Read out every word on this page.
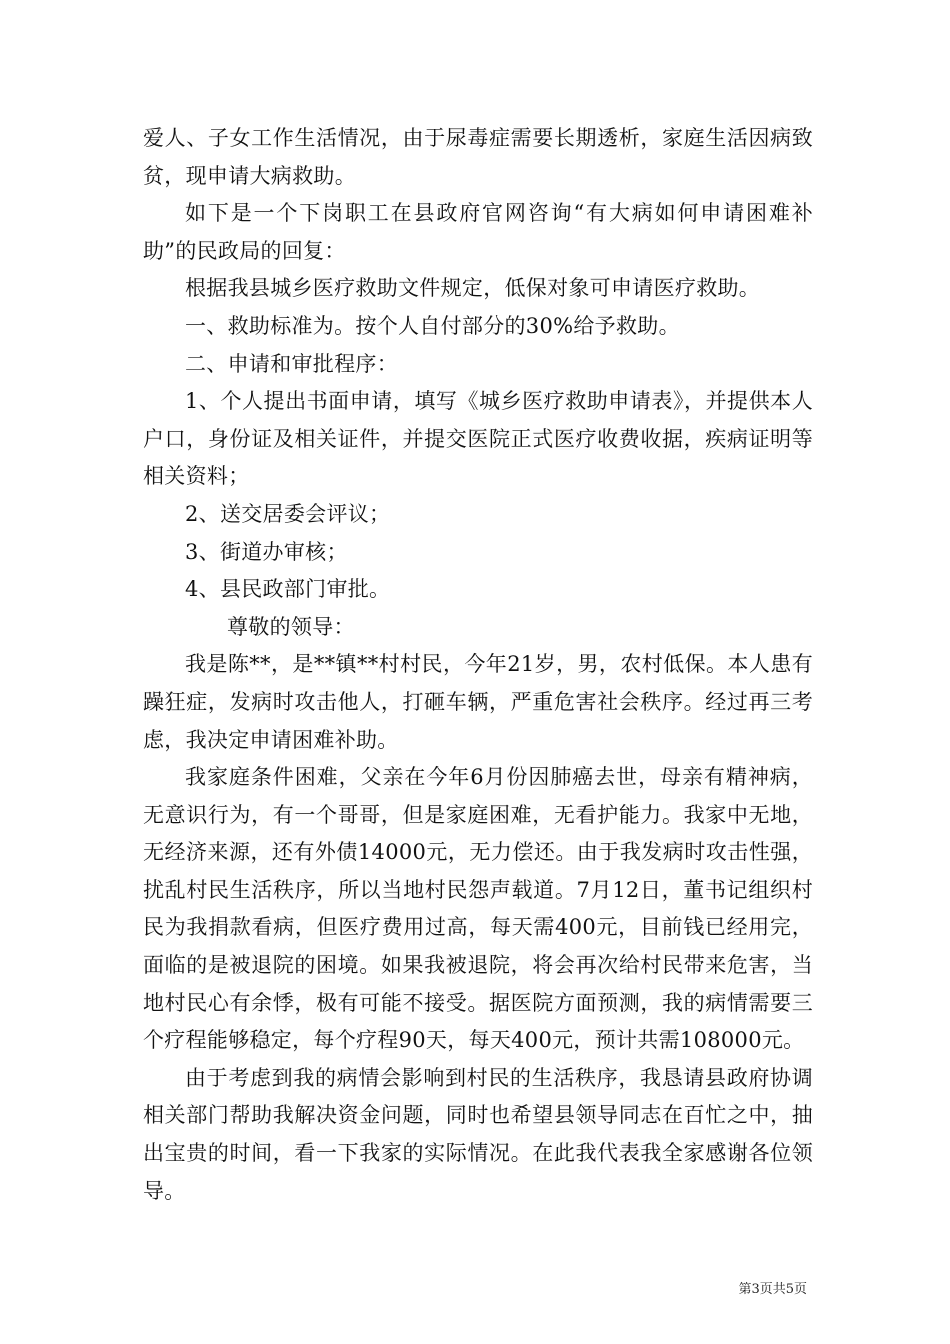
爱人、子女工作生活情况，由于尿毒症需要长期透析，家庭生活因病致贫，现申请大病救助。

如下是一个下岗职工在县政府官网咨询“有大病如何申请困难补助”的民政局的回复：

根据我县城乡医疗救助文件规定，低保对象可申请医疗救助。

一、救助标准为。按个人自付部分的30%给予救助。

二、申请和审批程序：

1、个人提出书面申请，填写《城乡医疗救助申请表》，并提供本人户口，身份证及相关证件，并提交医院正式医疗收费收据，疾病证明等相关资料；

2、送交居委会评议；

3、街道办审核；

4、县民政部门审批。

尊敬的领导：

我是陈**，是**镇**村村民，今年21岁，男，农村低保。本人患有躁狂症，发病时攻击他人，打砸车辆，严重危害社会秩序。经过再三考虑，我决定申请困难补助。

我家庭条件困难，父亲在今年6月份因肺癌去世，母亲有精神病，无意识行为，有一个哥哥，但是家庭困难，无看护能力。我家中无地，无经济来源，还有外债14000元，无力偿还。由于我发病时攻击性强，扰乱村民生活秩序，所以当地村民怨声载道。7月12日，董书记组织村民为我捐款看病，但医疗费用过高，每天需400元，目前钱已经用完，面临的是被退院的困境。如果我被退院，将会再次给村民带来危害，当地村民心有余悸，极有可能不接受。据医院方面预测，我的病情需要三个疗程能够稳定，每个疗程90天，每天400元，预计共需108000元。

由于考虑到我的病情会影响到村民的生活秩序，我恳请县政府协调相关部门帮助我解决资金问题，同时也希望县领导同志在百忙之中，抽出宝贵的时间，看一下我家的实际情况。在此我代表我全家感谢各位领导。

第3页共5页
